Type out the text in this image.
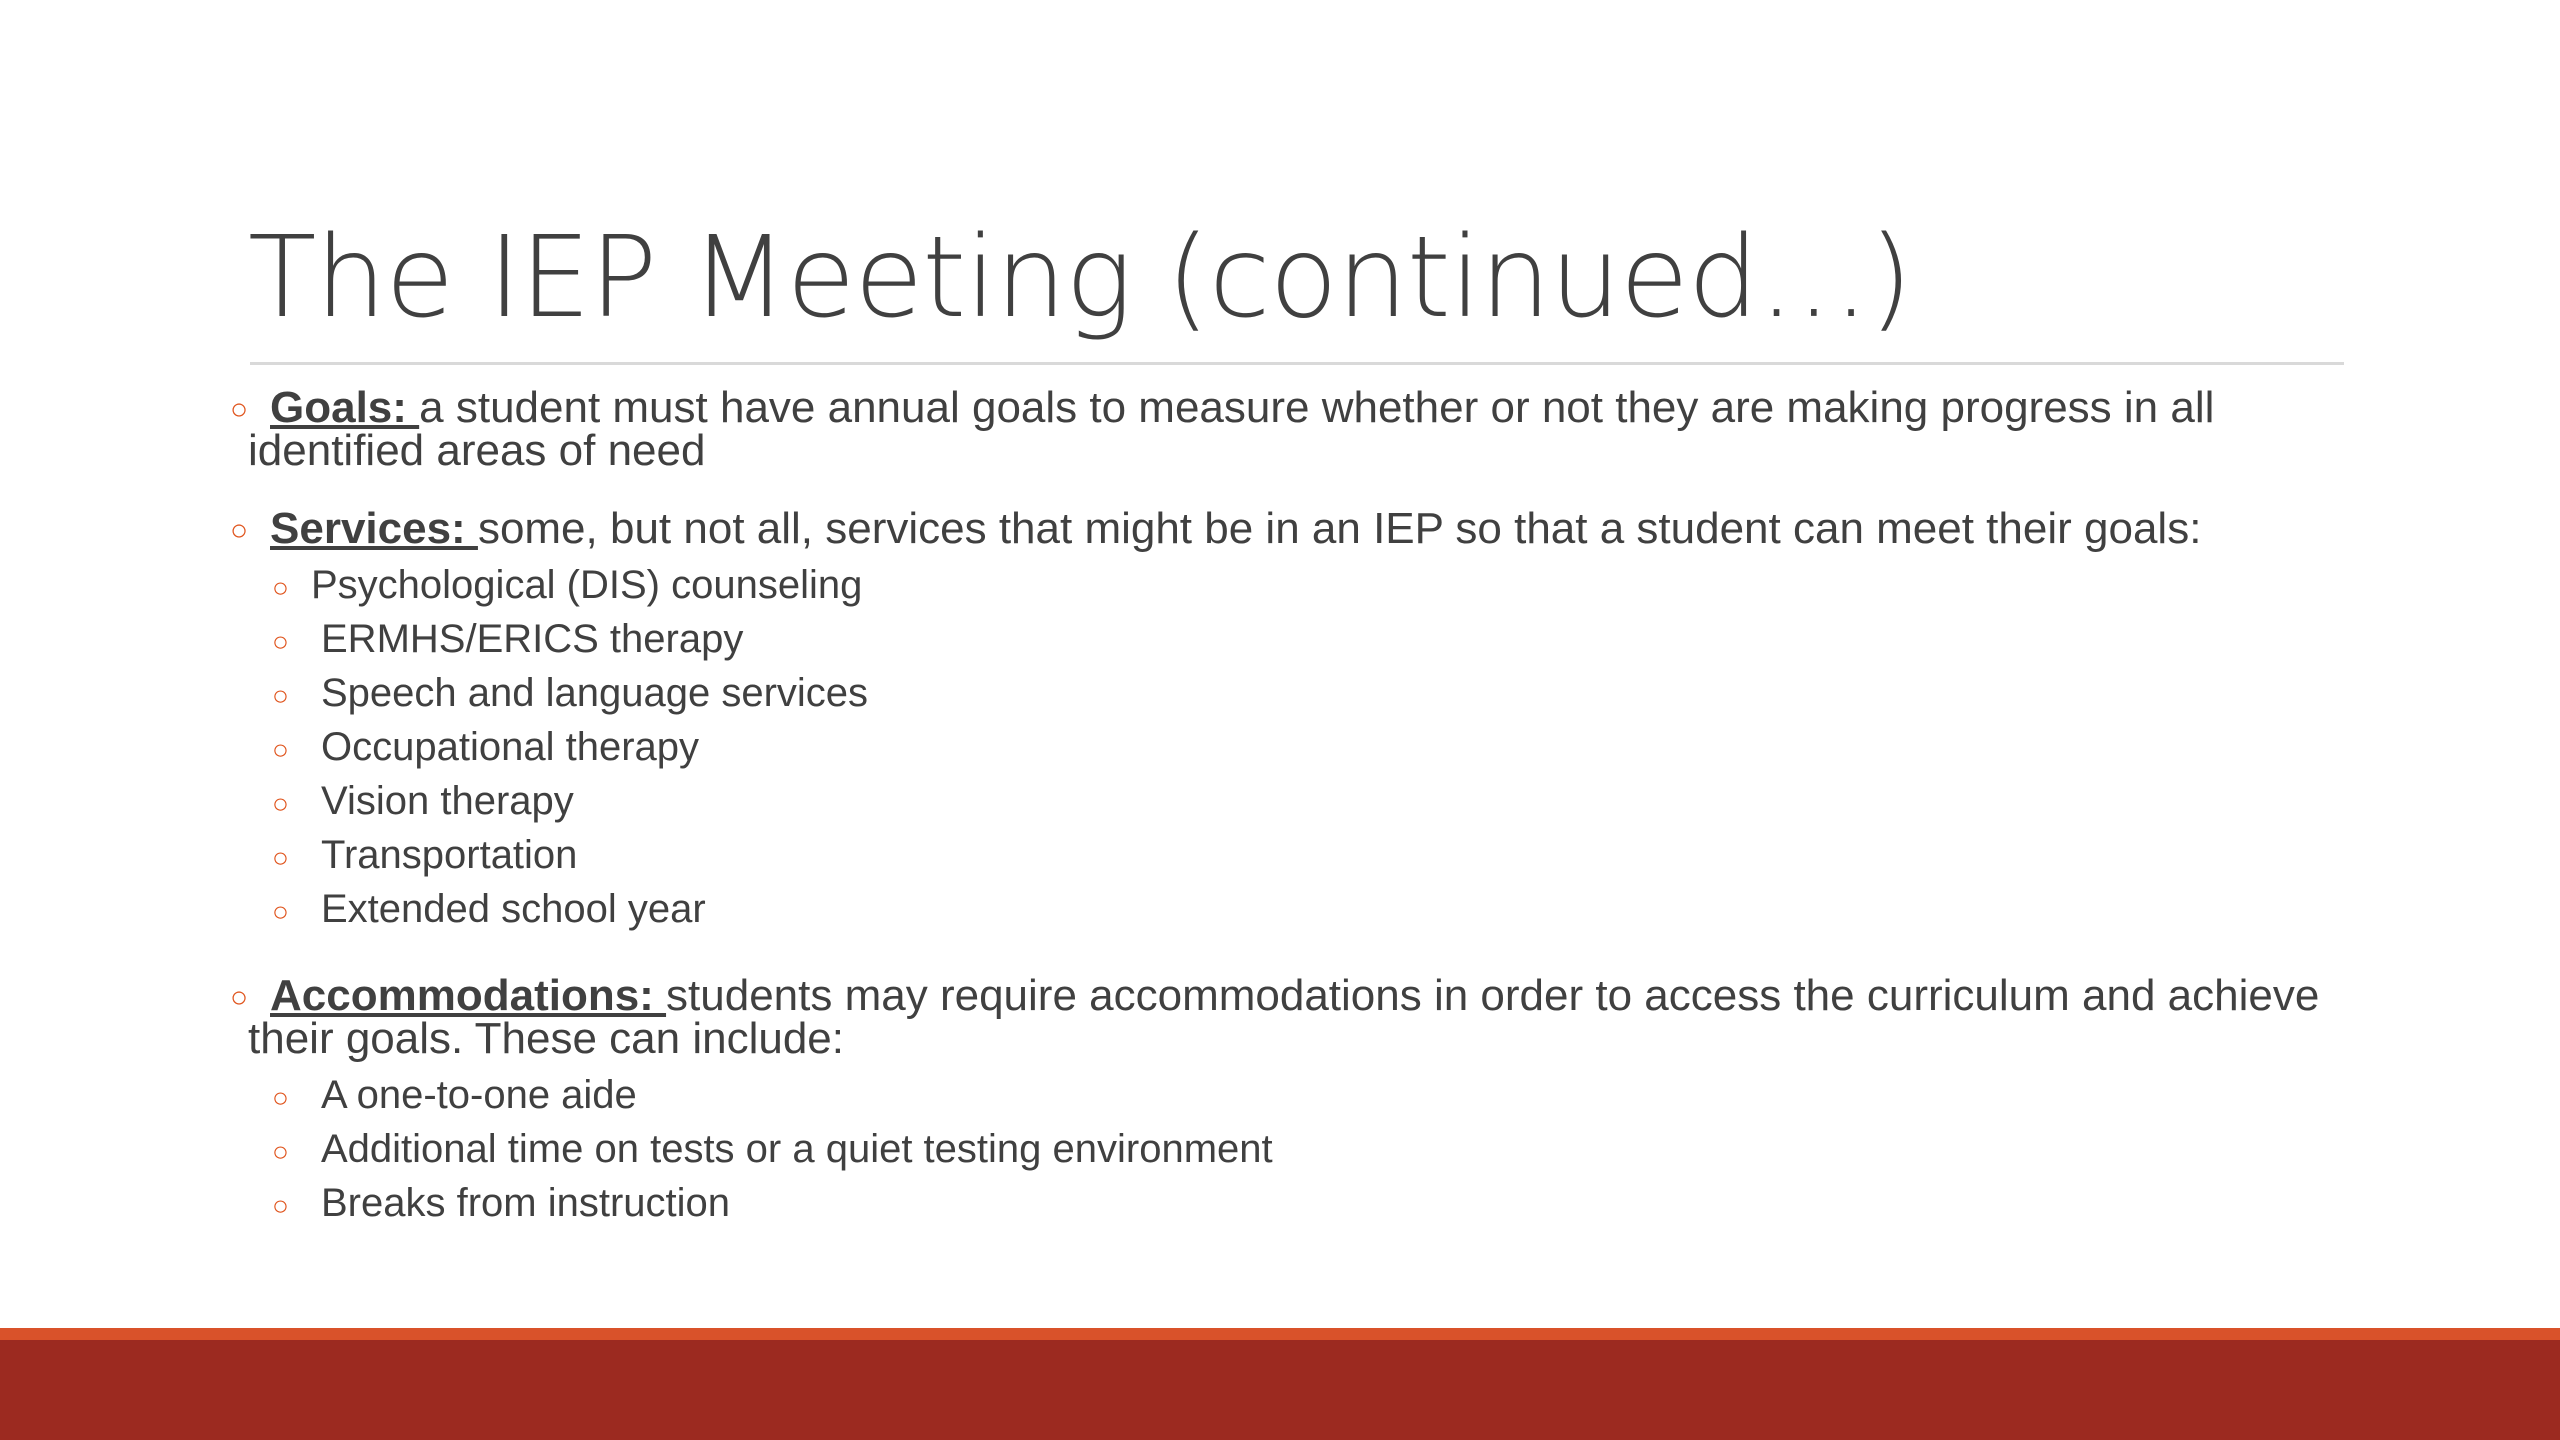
The IEP Meeting (continued…)
○ Goals: a student must have annual goals to measure whether or not they are making progress in all identified areas of need
○ Services: some, but not all, services that might be in an IEP so that a student can meet their goals:
○ Psychological (DIS) counseling
○ ERMHS/ERICS therapy
○ Speech and language services
○ Occupational therapy
○ Vision therapy
○ Transportation
○ Extended school year
○ Accommodations: students may require accommodations in order to access the curriculum and achieve their goals. These can include:
○ A one-to-one aide
○ Additional time on tests or a quiet testing environment
○ Breaks from instruction
